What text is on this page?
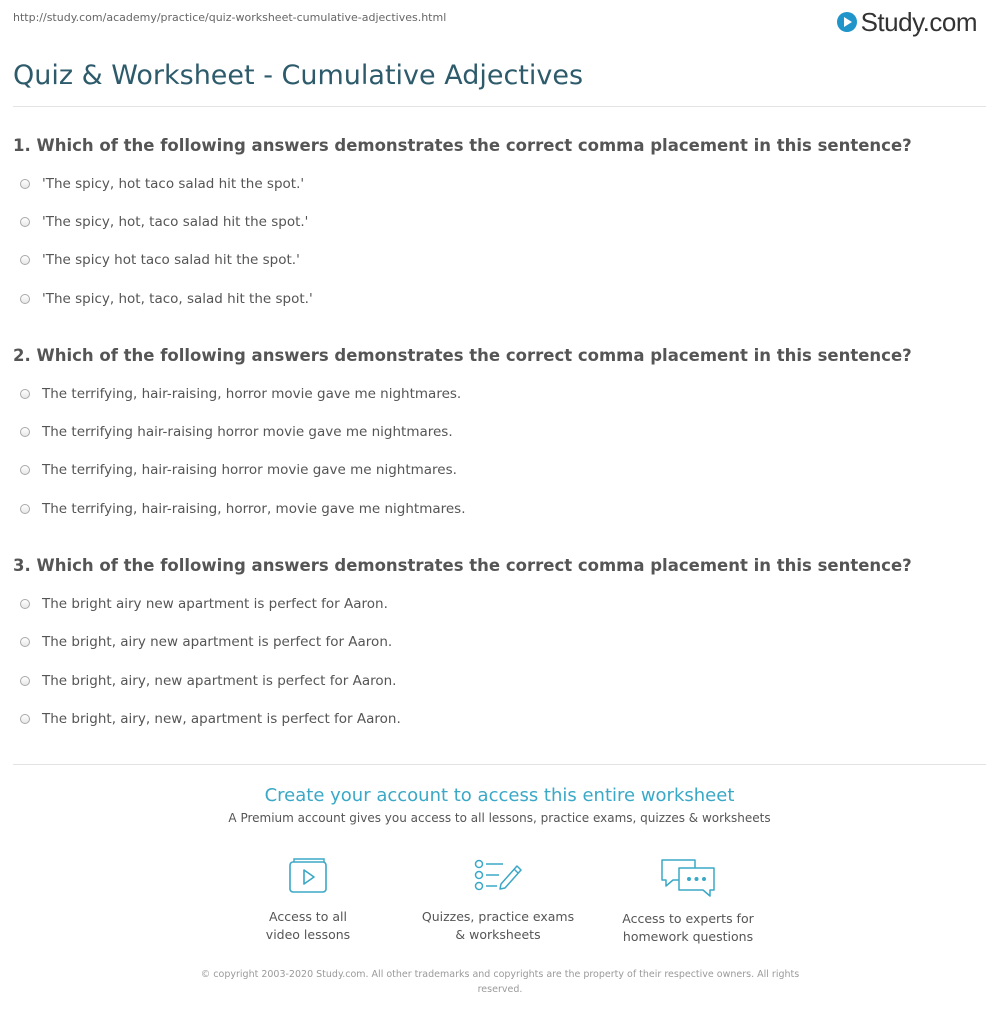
http://study.com/academy/practice/quiz-worksheet-cumulative-adjectives.html	Study.com
Quiz & Worksheet - Cumulative Adjectives
1. Which of the following answers demonstrates the correct comma placement in this sentence?
'The spicy, hot taco salad hit the spot.'
'The spicy, hot, taco salad hit the spot.'
'The spicy hot taco salad hit the spot.'
'The spicy, hot, taco, salad hit the spot.'
2. Which of the following answers demonstrates the correct comma placement in this sentence?
The terrifying, hair-raising, horror movie gave me nightmares.
The terrifying hair-raising horror movie gave me nightmares.
The terrifying, hair-raising horror movie gave me nightmares.
The terrifying, hair-raising, horror, movie gave me nightmares.
3. Which of the following answers demonstrates the correct comma placement in this sentence?
The bright airy new apartment is perfect for Aaron.
The bright, airy new apartment is perfect for Aaron.
The bright, airy, new apartment is perfect for Aaron.
The bright, airy, new, apartment is perfect for Aaron.
Create your account to access this entire worksheet
A Premium account gives you access to all lessons, practice exams, quizzes & worksheets
Access to all
video lessons
Quizzes, practice exams
& worksheets
Access to experts for
homework questions
© copyright 2003-2020 Study.com. All other trademarks and copyrights are the property of their respective owners. All rights
reserved.
